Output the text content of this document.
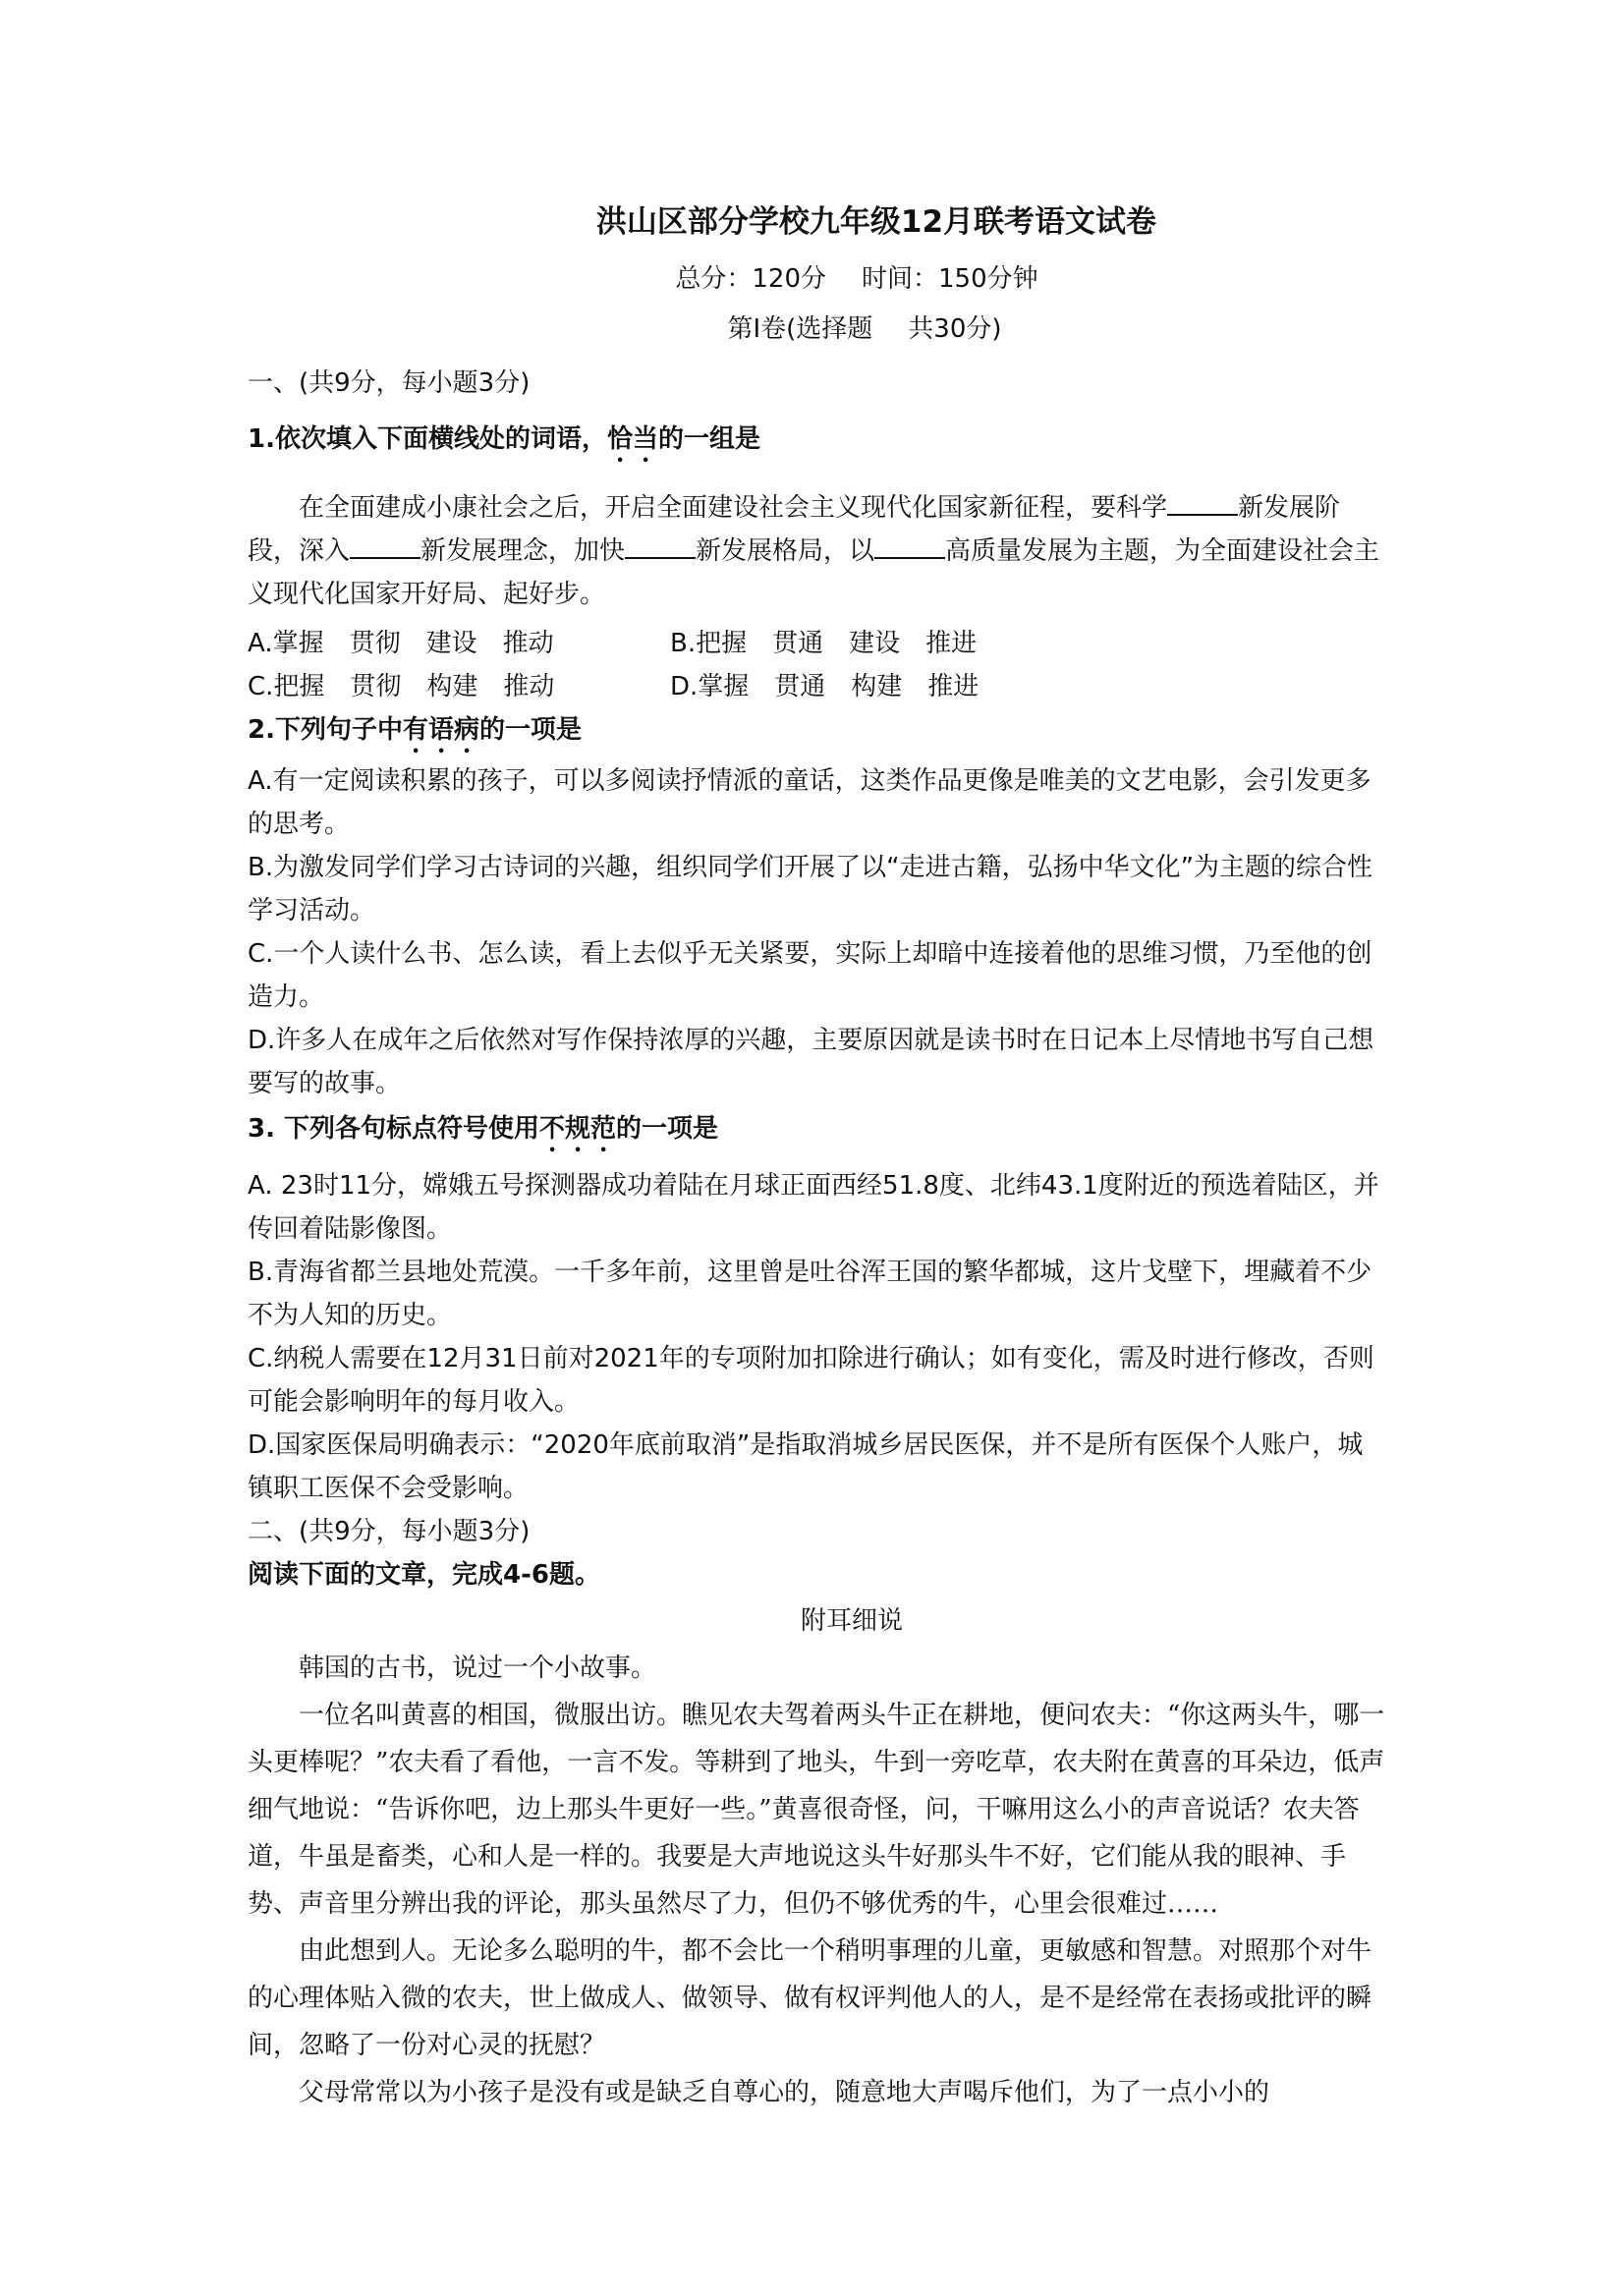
洪山区部分学校九年级12月联考语文试卷
总分：120分 时间：150分钟
第Ⅰ卷(选择题 共30分)
一、(共9分，每小题3分)
1.依次填入下面横线处的词语，恰当的一组是

在全面建成小康社会之后，开启全面建设社会主义现代化国家新征程，要科学	新发展阶段，深入	新发展理念，加快	新发展格局，以	高质量发展为主题，为全面建设社会主义现代化国家开好局、起好步。

A.掌握　贯彻　建设　推动	B.把握　贯通　建设　推进
C.把握　贯彻　构建　推动	D.掌握　贯通　构建　推进
2.下列句子中有语病的一项是

A.有一定阅读积累的孩子，可以多阅读抒情派的童话，这类作品更像是唯美的文艺电影，会引发更多的思考。

B.为激发同学们学习古诗词的兴趣，组织同学们开展了以“走进古籍，弘扬中华文化”为主题的综合性学习活动。

C.一个人读什么书、怎么读，看上去似乎无关紧要，实际上却暗中连接着他的思维习惯，乃至他的创造力。

D.许多人在成年之后依然对写作保持浓厚的兴趣，主要原因就是读书时在日记本上尽情地书写自己想要写的故事。

3. 下列各句标点符号使用不规范的一项是

A. 23时11分，嫦娥五号探测器成功着陆在月球正面西经51.8度、北纬43.1度附近的预选着陆区，并传回着陆影像图。

B.青海省都兰县地处荒漠。一千多年前，这里曾是吐谷浑王国的繁华都城，这片戈壁下，埋藏着不少不为人知的历史。

C.纳税人需要在12月31日前对2021年的专项附加扣除进行确认；如有变化，需及时进行修改，否则可能会影响明年的每月收入。

D.国家医保局明确表示：“2020年底前取消”是指取消城乡居民医保，并不是所有医保个人账户，城镇职工医保不会受影响。

二、(共9分，每小题3分)
阅读下面的文章，完成4-6题。
附耳细说

韩国的古书，说过一个小故事。

一位名叫黄喜的相国，微服出访。瞧见农夫驾着两头牛正在耕地，便问农夫：“你这两头牛，哪一头更棒呢？”农夫看了看他，一言不发。等耕到了地头，牛到一旁吃草，农夫附在黄喜的耳朵边，低声细气地说：“告诉你吧，边上那头牛更好一些。”黄喜很奇怪，问，干嘛用这么小的声音说话？农夫答道，牛虽是畜类，心和人是一样的。我要是大声地说这头牛好那头牛不好，它们能从我的眼神、手势、声音里分辨出我的评论，那头虽然尽了力，但仍不够优秀的牛，心里会很难过……

由此想到人。无论多么聪明的牛，都不会比一个稍明事理的儿童，更敏感和智慧。对照那个对牛的心理体贴入微的农夫，世上做成人、做领导、做有权评判他人的人，是不是经常在表扬或批评的瞬间，忽略了一份对心灵的抚慰？

父母常常以为小孩子是没有或是缺乏自尊心的，随意地大声喝斥他们，为了一点小小的
